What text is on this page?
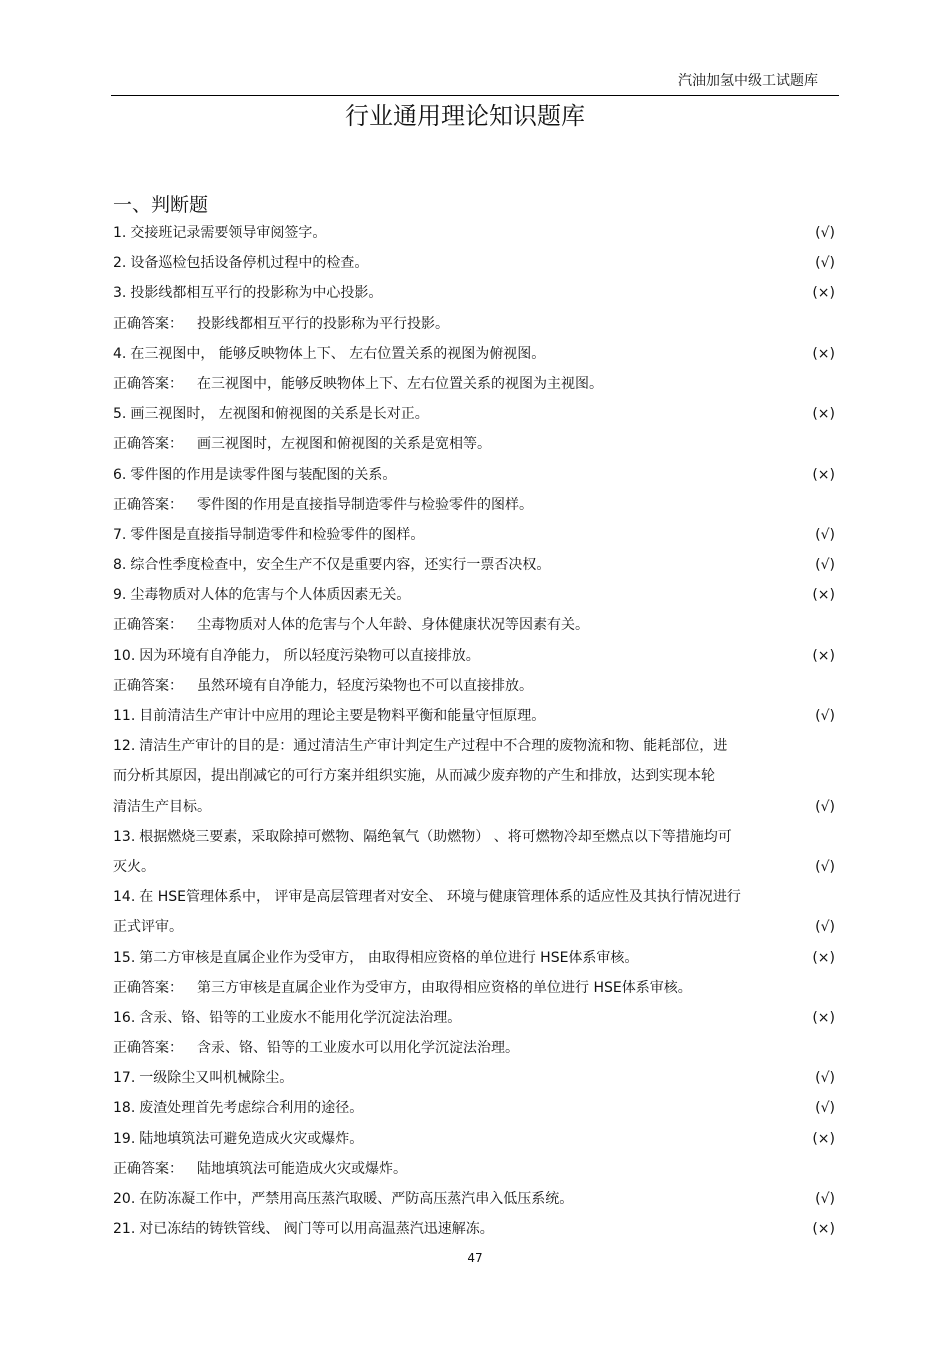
汽油加氢中级工试题库
行业通用理论知识题库
一、判断题
1. 交接班记录需要领导审阅签字。	(√)
2. 设备巡检包括设备停机过程中的检查。	(√)
3. 投影线都相互平行的投影称为中心投影。	(×)
正确答案： 投影线都相互平行的投影称为平行投影。
4. 在三视图中， 能够反映物体上下、 左右位置关系的视图为俯视图。	(×)
正确答案： 在三视图中，能够反映物体上下、左右位置关系的视图为主视图。
5. 画三视图时， 左视图和俯视图的关系是长对正。	(×)
正确答案： 画三视图时，左视图和俯视图的关系是宽相等。
6. 零件图的作用是读零件图与装配图的关系。	(×)
正确答案： 零件图的作用是直接指导制造零件与检验零件的图样。
7. 零件图是直接指导制造零件和检验零件的图样。	(√)
8. 综合性季度检查中，安全生产不仅是重要内容，还实行一票否决权。	(√)
9. 尘毒物质对人体的危害与个人体质因素无关。	(×)
正确答案： 尘毒物质对人体的危害与个人年龄、身体健康状况等因素有关。
10. 因为环境有自净能力， 所以轻度污染物可以直接排放。	(×)
正确答案： 虽然环境有自净能力，轻度污染物也不可以直接排放。
11. 目前清洁生产审计中应用的理论主要是物料平衡和能量守恒原理。	(√)
12. 清洁生产审计的目的是：通过清洁生产审计判定生产过程中不合理的废物流和物、能耗部位，进
而分析其原因，提出削减它的可行方案并组织实施，从而减少废弃物的产生和排放，达到实现本轮
清洁生产目标。	(√)
13. 根据燃烧三要素，采取除掉可燃物、隔绝氧气（助燃物） 、将可燃物冷却至燃点以下等措施均可
灭火。	(√)
14. 在 HSE管理体系中， 评审是高层管理者对安全、 环境与健康管理体系的适应性及其执行情况进行
正式评审。	(√)
15. 第二方审核是直属企业作为受审方， 由取得相应资格的单位进行 HSE体系审核。	(×)
正确答案： 第三方审核是直属企业作为受审方，由取得相应资格的单位进行 HSE体系审核。
16. 含汞、铬、铅等的工业废水不能用化学沉淀法治理。	(×)
正确答案： 含汞、铬、铅等的工业废水可以用化学沉淀法治理。
17. 一级除尘又叫机械除尘。	(√)
18. 废渣处理首先考虑综合利用的途径。	(√)
19. 陆地填筑法可避免造成火灾或爆炸。	(×)
正确答案： 陆地填筑法可能造成火灾或爆炸。
20. 在防冻凝工作中，严禁用高压蒸汽取暖、严防高压蒸汽串入低压系统。	(√)
21. 对已冻结的铸铁管线、 阀门等可以用高温蒸汽迅速解冻。	(×)
47
